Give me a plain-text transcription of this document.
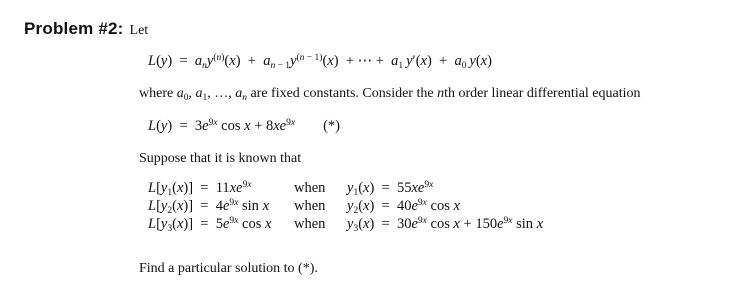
Problem #2: Let
$L(y) = a_ny^{(n)}(x) + a_{n - 1}y^{(n - 1)}(x)$  + ⋯ +  $a_1$  $y'(x) + a_0$  y(x)
where $a_0$, $a_1$, …, $a_n$ are fixed constants. Consider the nth order linear differential equation
$L(y) = 3e^{9x}$ $\cos x + 8xe^{9x}$ (*)
Suppose that it is known that
$L[y_1(x)] = 11xe^{9x}$	when	$y_1(x) = 55xe^{9x}$
$L[y_2(x)] = 4e^{9x}$ sin x	when	$y_2(x) = 40e^{9x}$ cos x
$L[y_3(x)] = 5e^{9x}$ cos x	when	$y_3(x) = 30e^{9x}$ $\cos x + 150e^{9x}$ sin x
Find a particular solution to (*).
